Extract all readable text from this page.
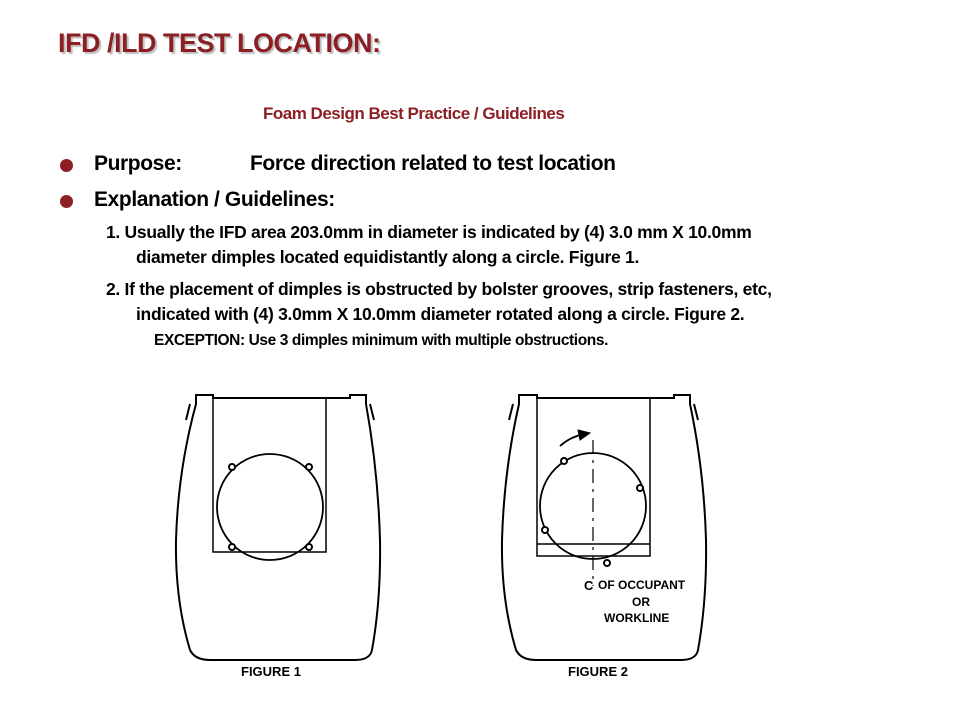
IFD /ILD TEST LOCATION:
Foam Design Best Practice / Guidelines
Purpose:	Force direction related to test location
Explanation / Guidelines:
1. Usually the IFD area 203.0mm in diameter is indicated by (4) 3.0 mm X 10.0mm
diameter dimples located equidistantly along a circle. Figure 1.
2. If the placement of dimples is obstructed by bolster grooves, strip fasteners, etc,
indicated with (4) 3.0mm X 10.0mm diameter rotated along a circle. Figure 2.
EXCEPTION: Use 3 dimples minimum with multiple obstructions.
FIGURE 1	FIGURE 2
C OF OCCUPANT
OR
WORKLINE
